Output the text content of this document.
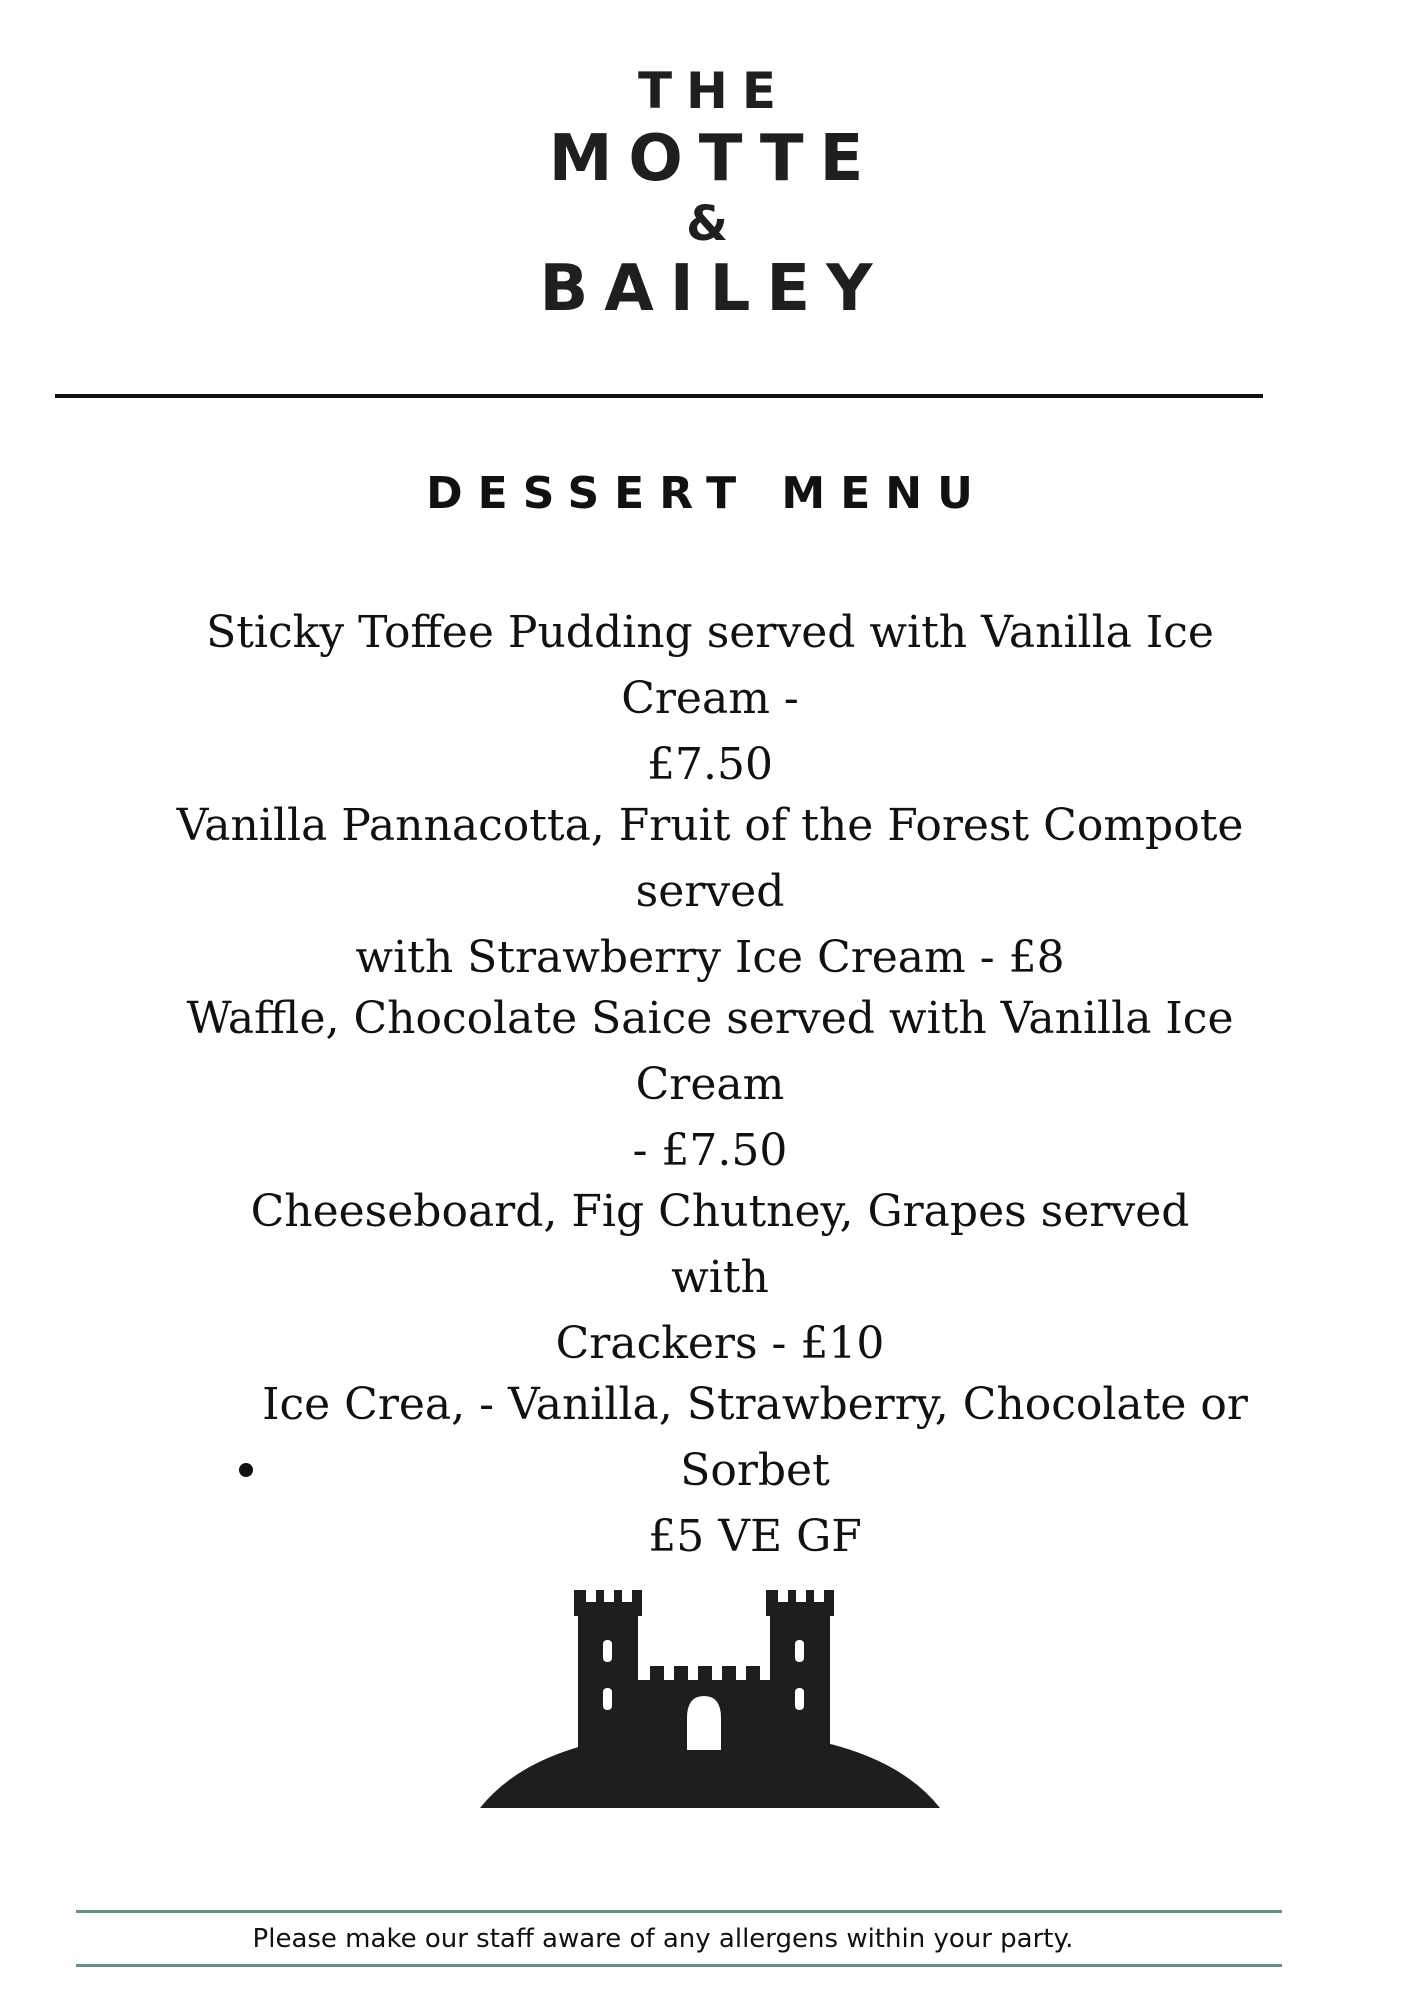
THE
MOTTE
&
BAILEY
DESSERT MENU
Sticky Toffee Pudding served with Vanilla Ice Cream -
£7.50
Vanilla Pannacotta, Fruit of the Forest Compote served
with Strawberry Ice Cream - £8
Waffle, Chocolate Saice served with Vanilla Ice Cream
- £7.50
Cheeseboard, Fig Chutney, Grapes served with
Crackers - £10
Ice Crea, - Vanilla, Strawberry, Chocolate or Sorbet
£5 VE GF
Please make our staff aware of any allergens within your party.
